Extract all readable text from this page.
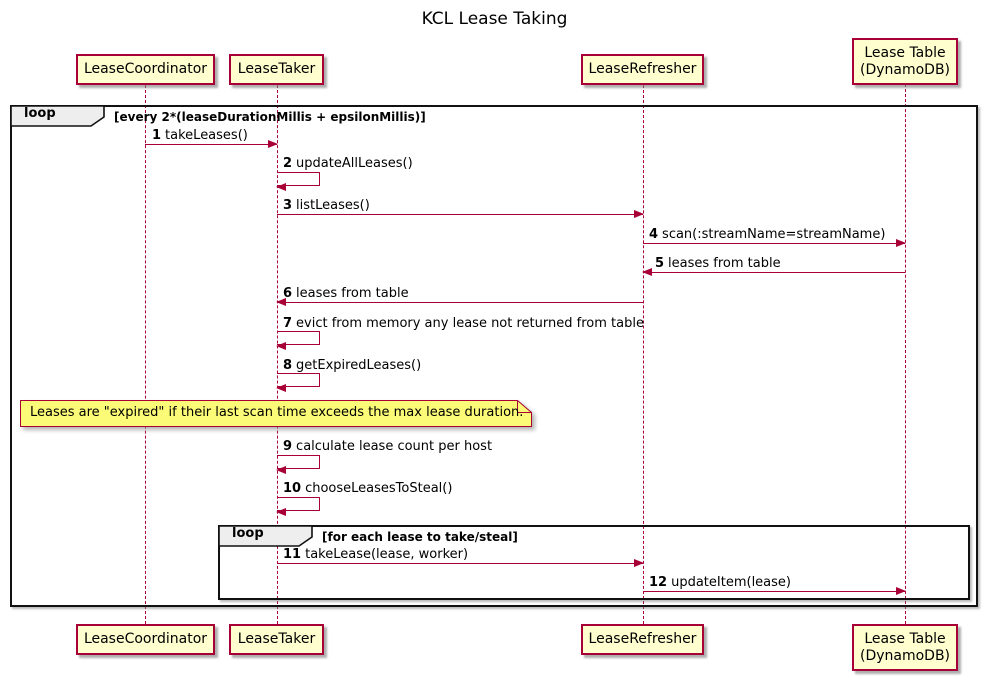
KCL Lease Taking
LeaseCoordinator LeaseTaker	LeaseRefresher
Lease Table
(DynamoDB)
loop	[every 2*(leaseDurationMillis + epsilonMillis)]
loop	[for each lease to take/steal]
1 takeLeases()
2 updateAllLeases()
3 listLeases()
4 scan(:streamName=streamName)
5 leases from table
6 leases from table
7 evict from memory any lease not returned from table
8 getExpiredLeases()
Leases are "expired" if their last scan time exceeds the max lease duration.
9 calculate lease count per host
10 chooseLeasesToSteal()
11 takeLease(lease, worker)
12 updateItem(lease)
LeaseCoordinator LeaseTaker	LeaseRefresher	Lease Table
(DynamoDB)
